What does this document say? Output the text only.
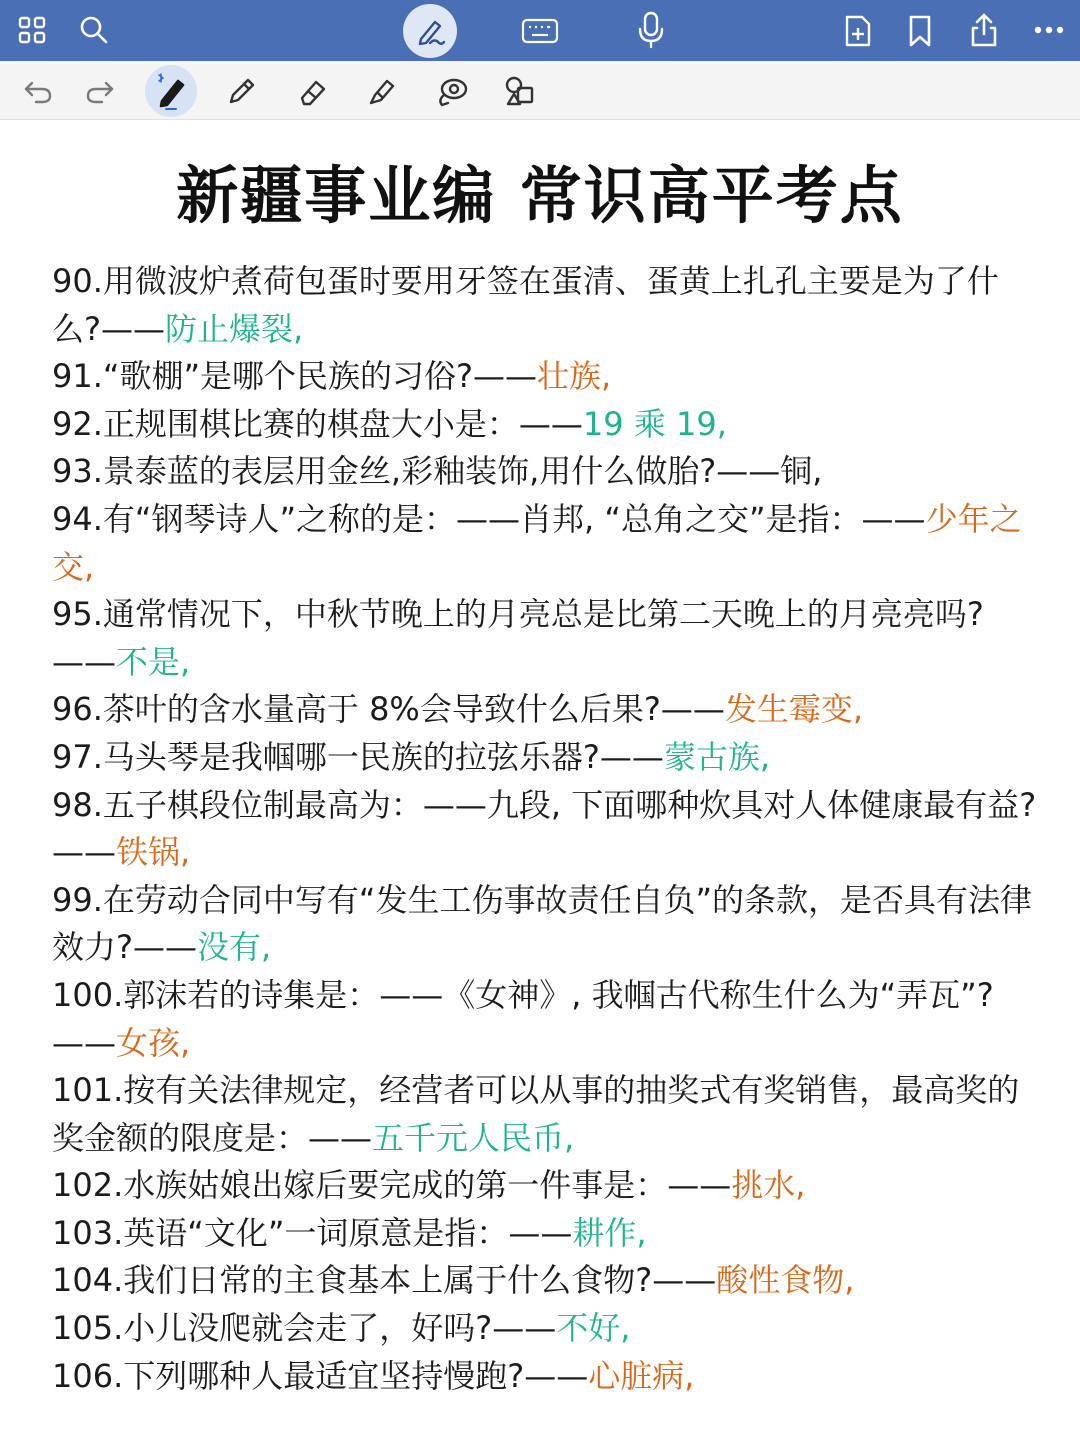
新疆事业编 常识高平考点

90.用微波炉煮荷包蛋时要用牙签在蛋清、蛋黄上扎孔主要是为了什么?——防止爆裂,

91.“歌棚”是哪个民族的习俗?——壮族,

92.正规围棋比赛的棋盘大小是：——19 乘 19,

93.景泰蓝的表层用金丝,彩釉装饰,用什么做胎?——铜,

94.有“钢琴诗人”之称的是：——肖邦, “总角之交”是指：——少年之交,

95.通常情况下，中秋节晚上的月亮总是比第二天晚上的月亮亮吗?——不是,

96.茶叶的含水量高于 8%会导致什么后果?——发生霉变,

97.马头琴是我帼哪一民族的拉弦乐器?——蒙古族,

98.五子棋段位制最高为：——九段, 下面哪种炊具对人体健康最有益?——铁锅,

99.在劳动合同中写有“发生工伤事故责任自负”的条款，是否具有法律效力?——没有,

100.郭沫若的诗集是：——《女神》, 我帼古代称生什么为“弄瓦”?——女孩,

101.按有关法律规定，经营者可以从事的抽奖式有奖销售，最高奖的奖金额的限度是：——五千元人民币,

102.水族姑娘出嫁后要完成的第一件事是：——挑水,

103.英语“文化”一词原意是指：——耕作,

104.我们日常的主食基本上属于什么食物?——酸性食物,

105.小儿没爬就会走了，好吗?——不好,

106.下列哪种人最适宜坚持慢跑?——心脏病,
